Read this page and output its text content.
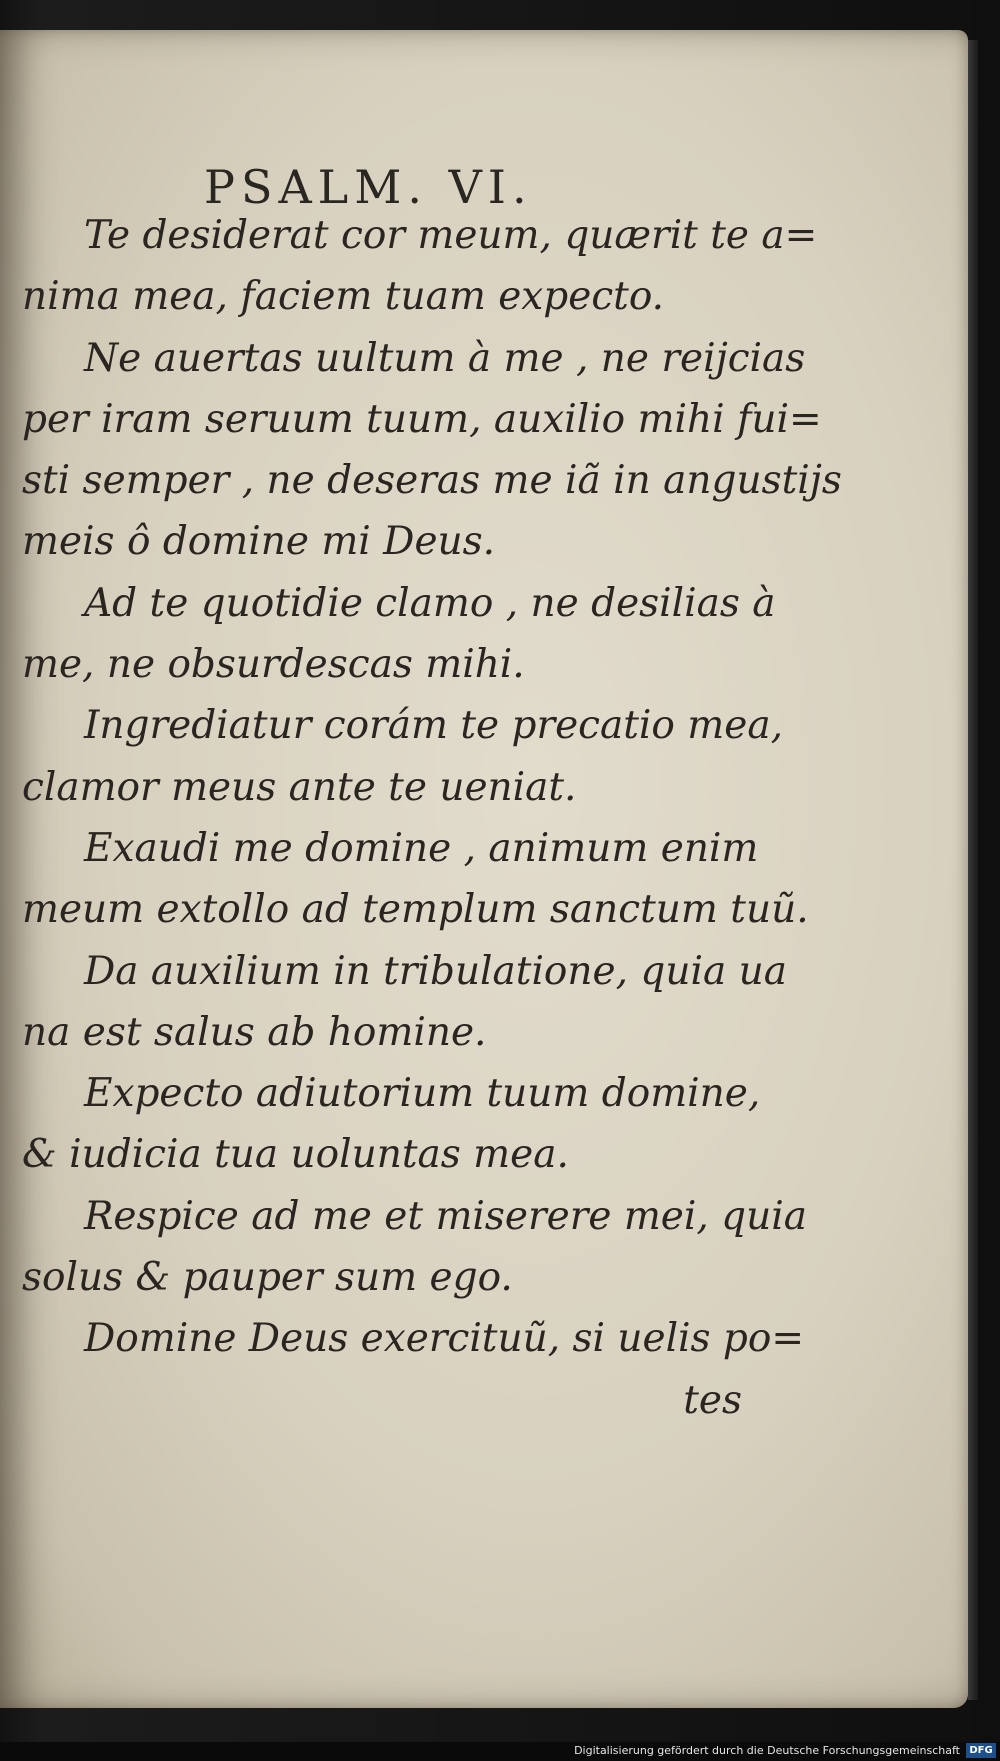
PSALM. VI.
Te desiderat cor meum, quærit te a=
nima mea, faciem tuam expecto.
Ne auertas uultum à me , ne reijcias
per iram seruum tuum, auxilio mihi fui=
sti semper , ne deseras me iã in angustijs
meis ô domine mi Deus.
Ad te quotidie clamo , ne desilias à
me, ne obsurdescas mihi.
Ingrediatur corám te precatio mea,
clamor meus ante te ueniat.
Exaudi me domine , animum enim
meum extollo ad templum sanctum tuũ.
Da auxilium in tribulatione, quia ua
na est salus ab homine.
Expecto adiutorium tuum domine,
& iudicia tua uoluntas mea.
Respice ad me et miserere mei, quia
solus & pauper sum ego.
Domine Deus exercituũ, si uelis po=
tes
Digitalisierung gefördert durch die Deutsche Forschungsgemeinschaft DFG
